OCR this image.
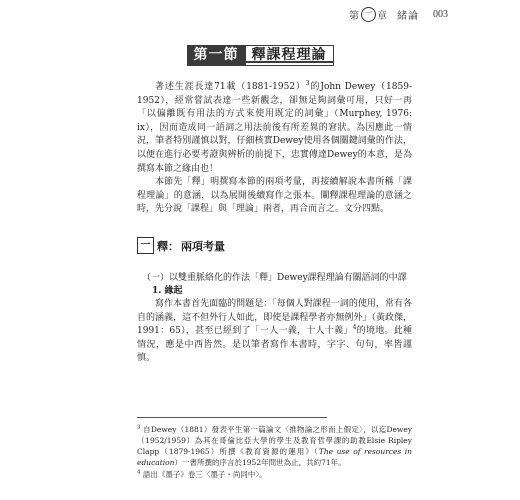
第 一 章 緒論 003
第一節 釋課程理論

著述生涯長達71載（1881-1952）$^3$的John Dewey（1859-1952），經常嘗試表達一些新觀念，卻無足夠詞彙可用，只好一再「以偏離既有用法的方式來使用既定的詞彙」（Murphey, 1976: ix），因而造成同一語詞之用法前後有所差異的窘狀。為因應此一情況，筆者特別謹慎以對，仔細核實Dewey使用各個關鍵詞彙的作法，以便在進行必要考證與辨析的前提下，忠實傳達Dewey的本意，是為撰寫本節之緣由也！

本節先「釋」明撰寫本節的兩項考量，再接續解說本書所稱「課程理論」的意涵，以為展開後續寫作之張本。闡釋課程理論的意涵之時，先分說「課程」與「理論」兩者，再合而言之。文分四點。

一 釋： 兩項考量
（一）以雙重脈絡化的作法「釋」Dewey課程理論有關語詞的中譯
1. 緣起

寫作本書首先面臨的問題是：「每個人對課程一詞的使用，常有各自的涵義，這不但外行人如此，即使是課程學者亦無例外」（黃政傑，1991：65），甚至已經到了「一人一義，十人十義」$^4$的境地。此種情況，應是中西皆然。是以筆者寫作本書時，字字、句句，率皆謹慎。

$^3$ 自Dewey（1881）發表平生第一篇論文〈推物論之形而上假定〉，以迄Dewey（1952/1959）為其在哥倫比亞大學的學生及教育哲學課的助教Elsie Ripley Clapp（1879-1965）所撰《教育資源的運用》（The use of resources in education）一書所撰的序言於1952年問世為止，共約71年。

$^4$ 語出《墨子》卷三〈墨子・尚同中〉。
